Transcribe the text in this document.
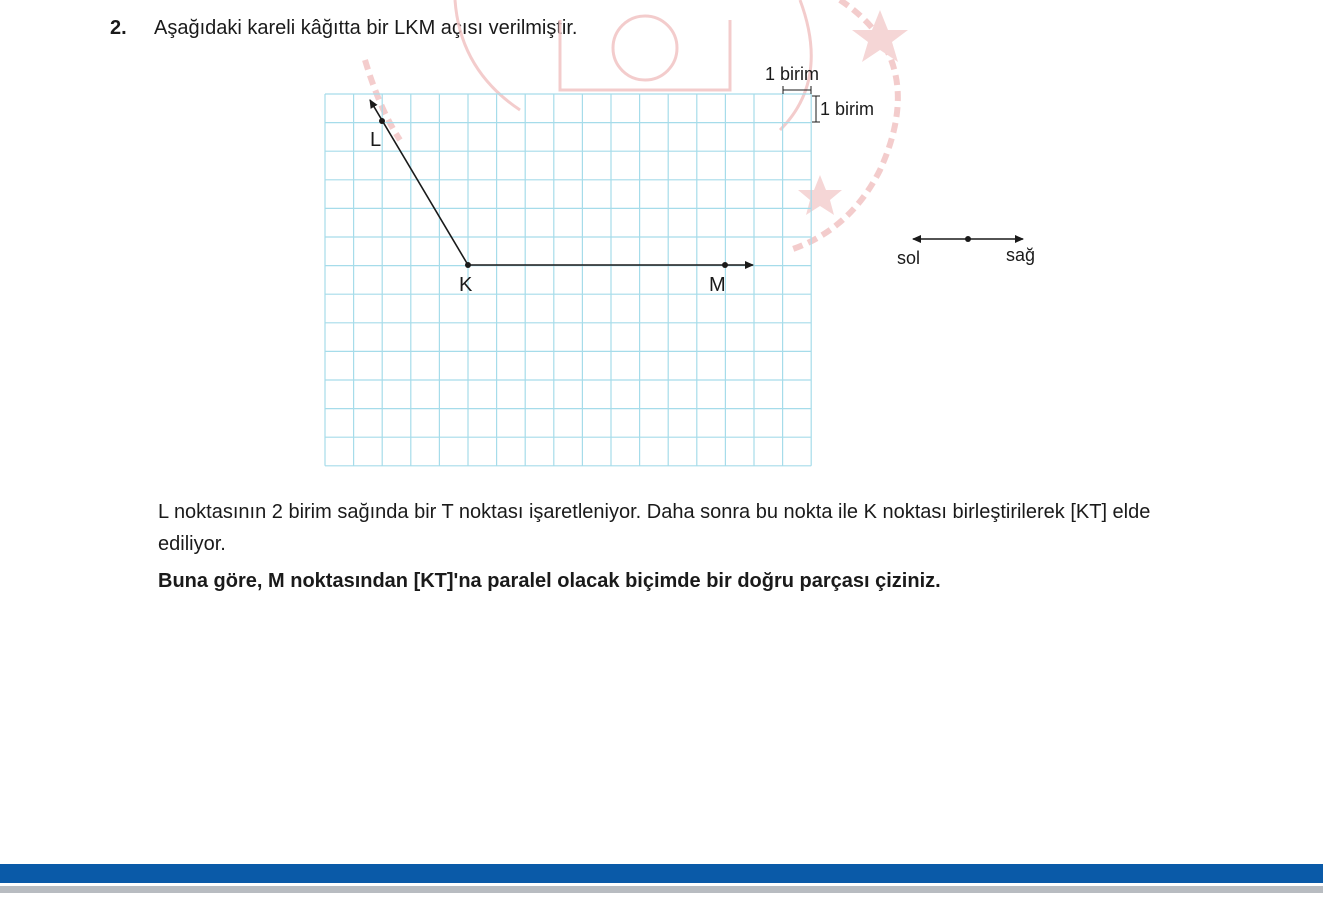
2. Aşağıdaki kareli kâğıtta bir LKM açısı verilmiştir.
1 birim
1 birim
L
K	M
sol	sağ
L noktasının 2 birim sağında bir T noktası işaretleniyor. Daha sonra bu nokta ile K noktası birleştirilerek [KT] elde ediliyor.
Buna göre, M noktasından [KT]'na paralel olacak biçimde bir doğru parçası çiziniz.
